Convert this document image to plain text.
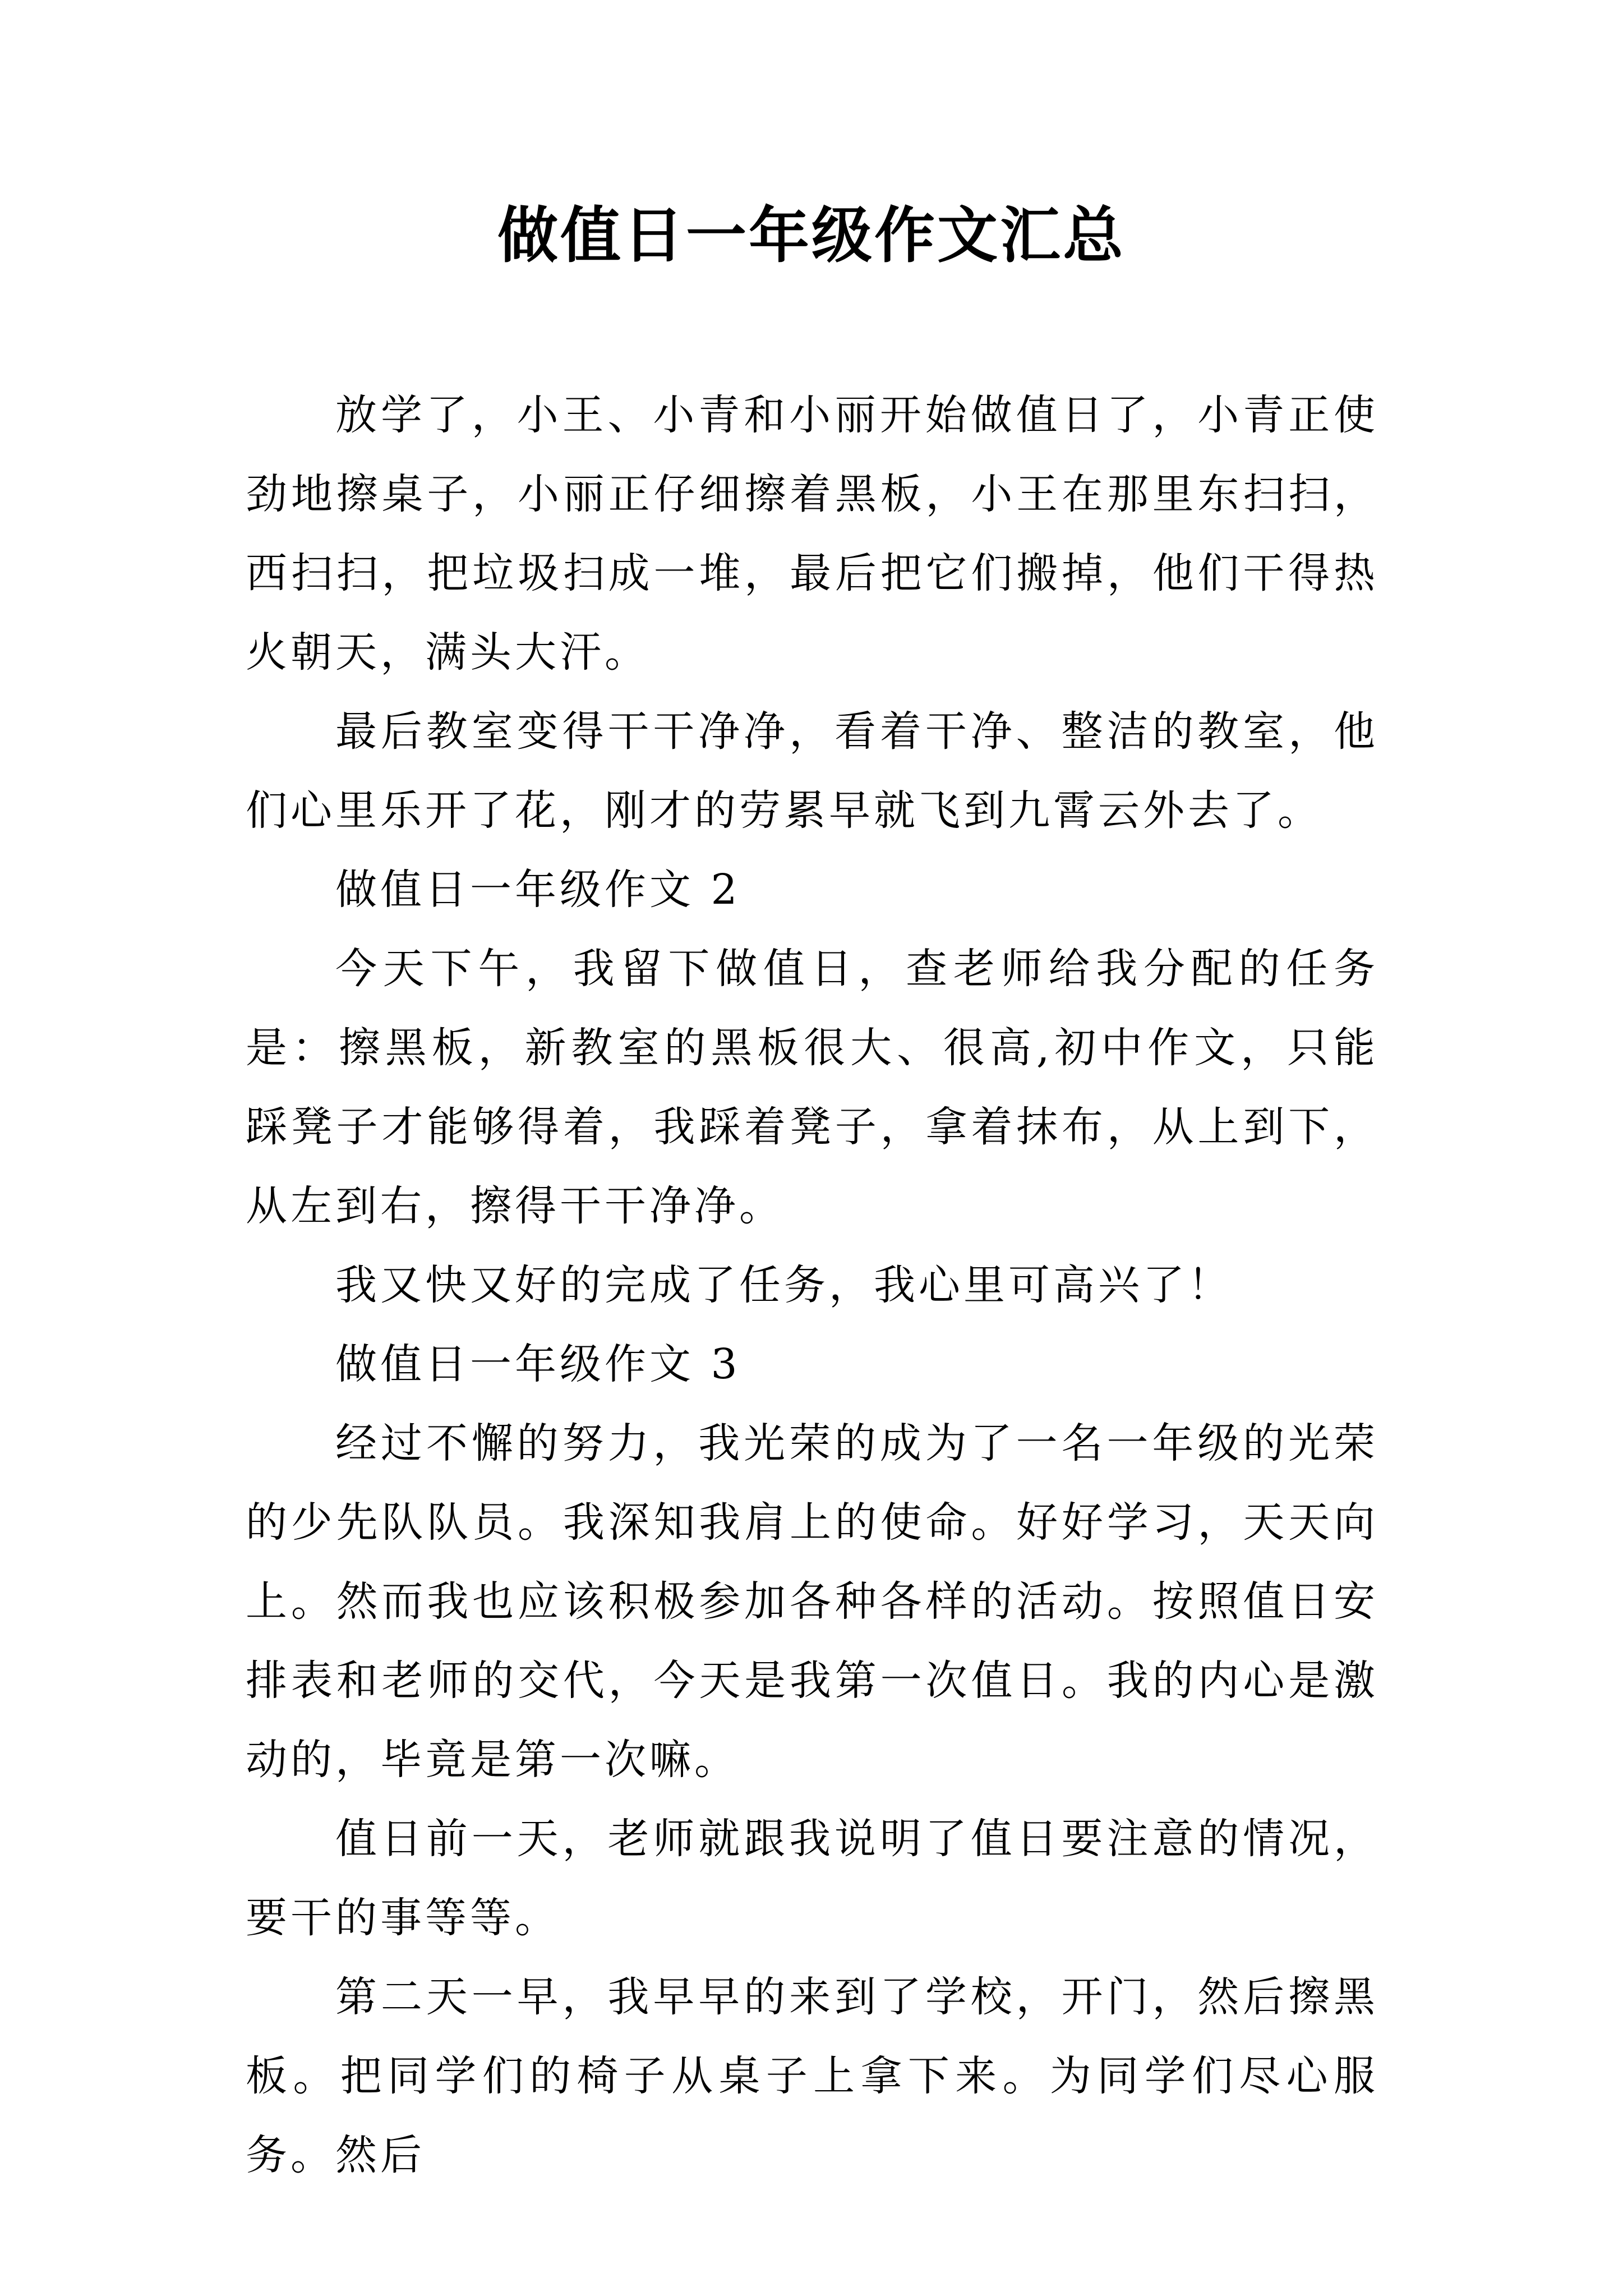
做值日一年级作文汇总

放学了，小王、小青和小丽开始做值日了，小青正使劲地擦桌子，小丽正仔细擦着黑板，小王在那里东扫扫，西扫扫，把垃圾扫成一堆，最后把它们搬掉，他们干得热火朝天，满头大汗。

最后教室变得干干净净，看着干净、整洁的教室，他们心里乐开了花，刚才的劳累早就飞到九霄云外去了。

做值日一年级作文 2

今天下午，我留下做值日，查老师给我分配的任务是：擦黑板，新教室的黑板很大、很高,初中作文，只能踩凳子才能够得着，我踩着凳子，拿着抹布，从上到下，从左到右，擦得干干净净。

我又快又好的完成了任务，我心里可高兴了！

做值日一年级作文 3

经过不懈的努力，我光荣的成为了一名一年级的光荣的少先队队员。我深知我肩上的使命。好好学习，天天向上。然而我也应该积极参加各种各样的活动。按照值日安排表和老师的交代，今天是我第一次值日。我的内心是激动的，毕竟是第一次嘛。

值日前一天，老师就跟我说明了值日要注意的情况，要干的事等等。

第二天一早，我早早的来到了学校，开门，然后擦黑板。把同学们的椅子从桌子上拿下来。为同学们尽心服务。然后
